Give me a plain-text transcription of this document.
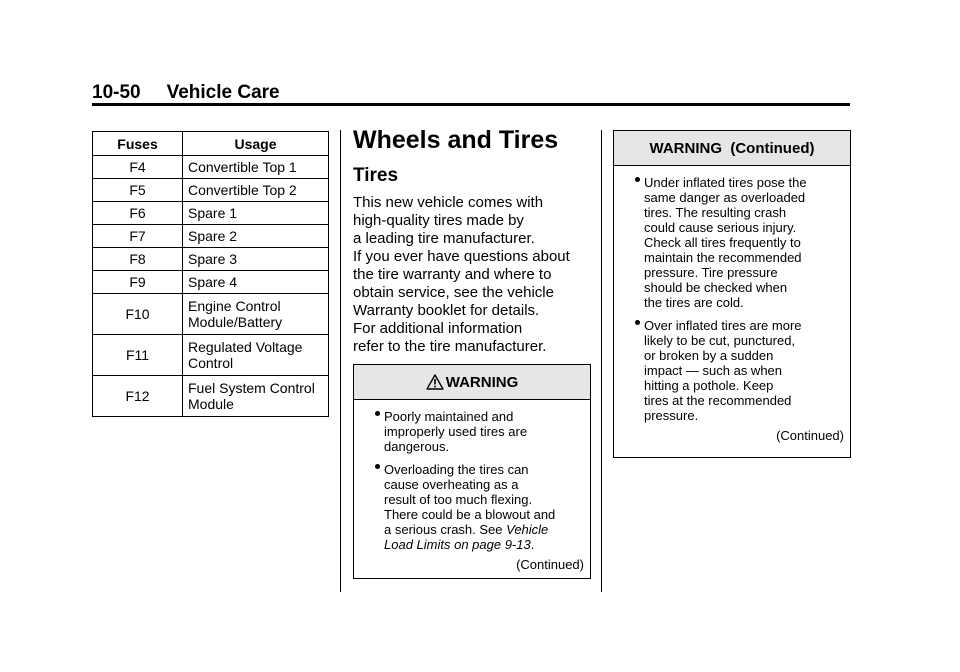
10-50 Vehicle Care
Fuses	Usage
F4	Convertible Top 1
F5	Convertible Top 2
F6	Spare 1
F7	Spare 2
F8	Spare 3
F9	Spare 4
F10	Engine Control
Module/Battery
F11	Regulated Voltage
Control
F12	Fuel System Control
Module
Wheels and Tires
Tires
This new vehicle comes with
high-quality tires made by
a leading tire manufacturer.
If you ever have questions about
the tire warranty and where to
obtain service, see the vehicle
Warranty booklet for details.
For additional information
refer to the tire manufacturer.
WARNING
Poorly maintained and
improperly used tires are
dangerous.
Overloading the tires can
cause overheating as a
result of too much flexing.
There could be a blowout and
a serious crash. See Vehicle
Load Limits on page 9-13.
(Continued)
WARNING  (Continued)
Under inflated tires pose the
same danger as overloaded
tires. The resulting crash
could cause serious injury.
Check all tires frequently to
maintain the recommended
pressure. Tire pressure
should be checked when
the tires are cold.
Over inflated tires are more
likely to be cut, punctured,
or broken by a sudden
impact — such as when
hitting a pothole. Keep
tires at the recommended
pressure.
(Continued)
